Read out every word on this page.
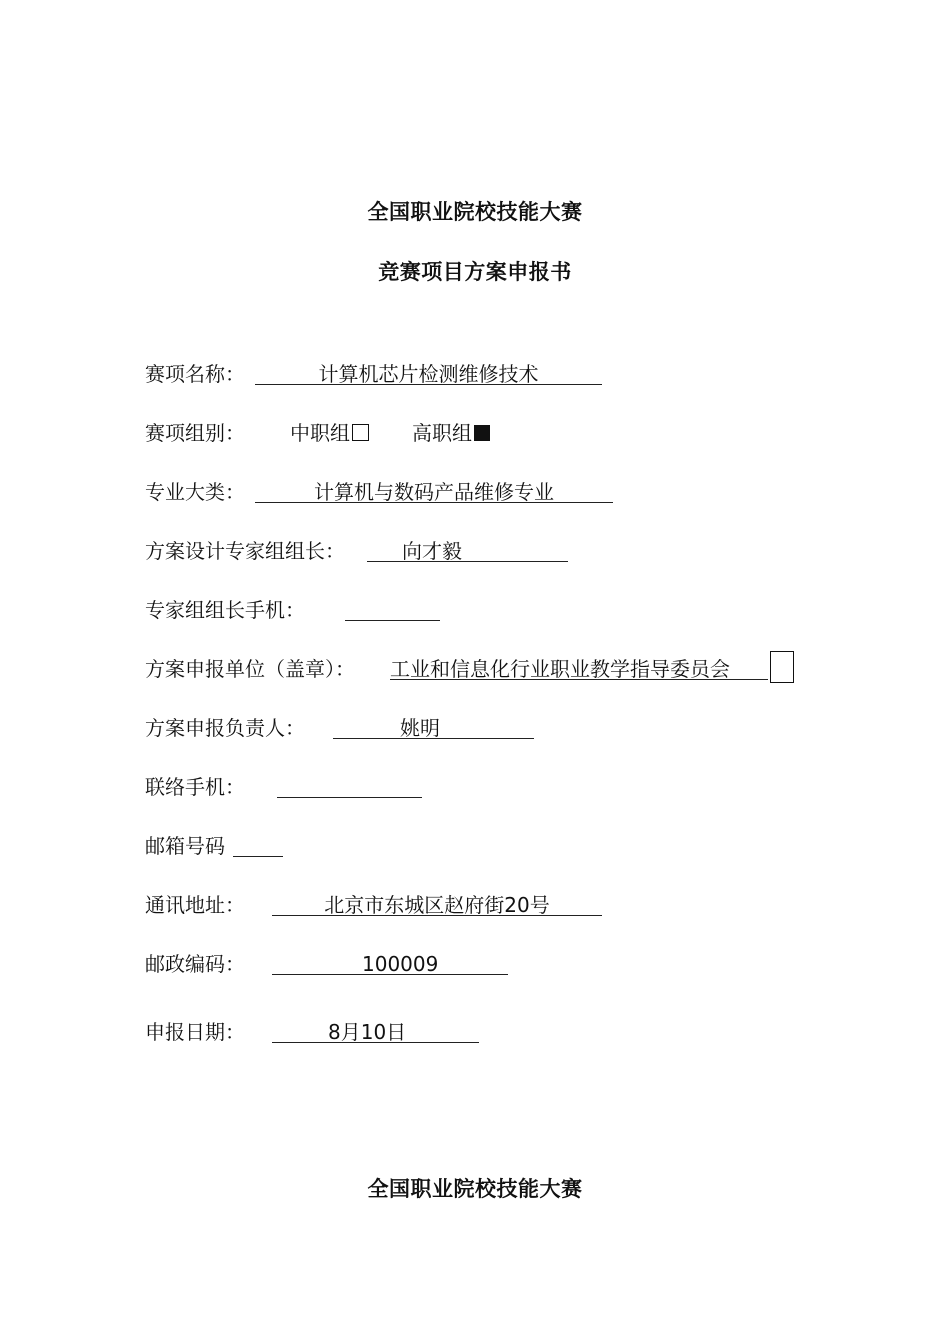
全国职业院校技能大赛
竞赛项目方案申报书
赛项名称：	计算机芯片检测维修技术
赛项组别： 中职组	高职组
专业大类：	计算机与数码产品维修专业
方案设计专家组组长：	向才毅
专家组组长手机：
方案申报单位（盖章）： 工业和信息化行业职业教学指导委员会
方案申报负责人：	姚明
联络手机：
邮箱号码
通讯地址：	北京市东城区赵府街20号
邮政编码：	100009
申报日期：	8月10日
全国职业院校技能大赛
